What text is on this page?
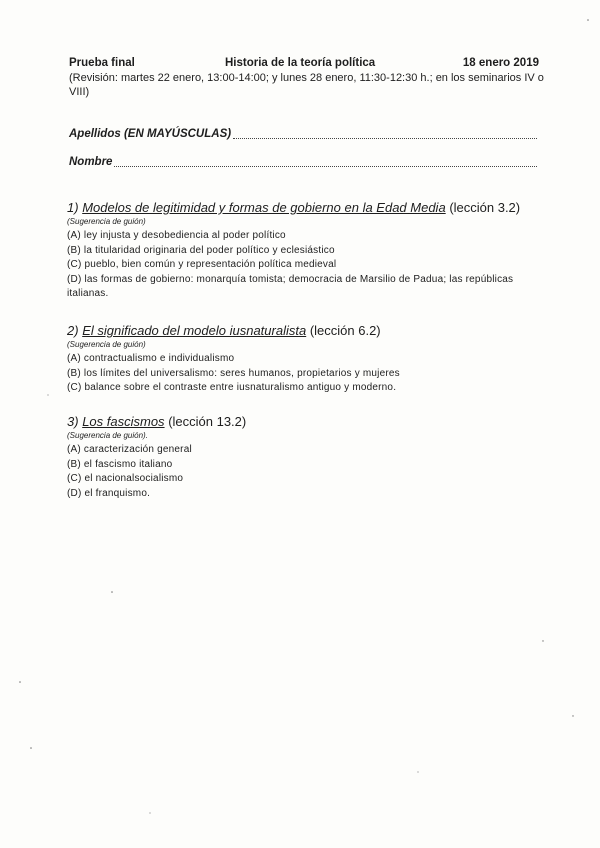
Prueba final	Historia de la teoría política	18 enero 2019
(Revisión: martes 22 enero, 13:00-14:00; y lunes 28 enero, 11:30-12:30 h.; en los seminarios IV o VIII)
Apellidos (EN MAYÚSCULAS)
Nombre
1) Modelos de legitimidad y formas de gobierno en la Edad Media (lección 3.2)
(Sugerencia de guión)
(A) ley injusta y desobediencia al poder político
(B) la titularidad originaria del poder político y eclesiástico
(C) pueblo, bien común y representación política medieval
(D) las formas de gobierno: monarquía tomista; democracia de Marsilio de Padua; las repúblicas italianas.
2) El significado del modelo iusnaturalista (lección 6.2)
(Sugerencia de guión)
(A) contractualismo e individualismo
(B) los límites del universalismo: seres humanos, propietarios y mujeres
(C) balance sobre el contraste entre iusnaturalismo antiguo y moderno.
3) Los fascismos (lección 13.2)
(Sugerencia de guión).
(A) caracterización general
(B) el fascismo italiano
(C) el nacionalsocialismo
(D) el franquismo.
